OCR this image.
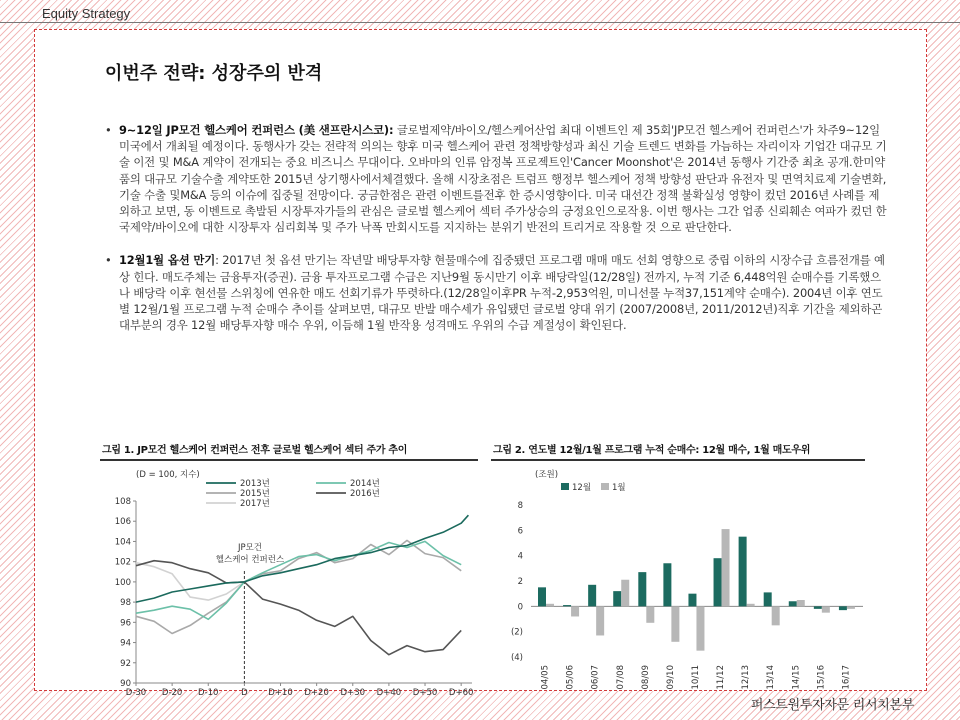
Equity Strategy
이번주 전략: 성장주의 반격
• 9~12일 JP모건 헬스케어 컨퍼런스 (美 샌프란시스코): 글로벌제약/바이오/헬스케어산업 최대 이벤트인 제 35회'JP모건 헬스케어 컨퍼런스'가 차주9~12일 미국에서 개최될 예정이다. 동행사가 갖는 전략적 의의는 향후 미국 헬스케어 관련 정책방향성과 최신 기술 트렌드 변화를 가늠하는 자리이자 기업간 대규모 기술 이전 및 M&A 계약이 전개되는 중요 비즈니스 무대이다. 오바마의 인류 암정복 프로젝트인'Cancer Moonshot'은 2014년 동행사 기간중 최초 공개.한미약품의 대규모 기술수출 계약또한 2015년 상기행사에서체결했다. 올해 시장초점은 트럼프 행정부 헬스케어 정책 방향성 판단과 유전자 및 면역치료제 기술변화,기술 수출 및M&A 등의 이슈에 집중될 전망이다. 궁금한점은 관련 이벤트를전후 한 증시영향이다. 미국 대선간 정책 불확실성 영향이 컸던 2016년 사례를 제외하고 보면, 동 이벤트로 촉발된 시장투자가들의 관심은 글로벌 헬스케어 섹터 주가상승의 긍정요인으로작용. 이번 행사는 그간 업종 신뢰훼손 여파가 컸던 한국제약/바이오에 대한 시장투자 심리회복 및 주가 낙폭 만회시도를 지지하는 분위기 반전의 트리거로 작용할 것 으로 판단한다.
• 12월1월 옵션 만기: 2017년 첫 옵션 만기는 작년말 배당투자향 현물매수에 집중됐던 프로그램 매매 매도 선회 영향으로 중립 이하의 시장수급 흐름전개를 예상 힌다. 매도주체는 금융투자(증권). 금융 투자프로그램 수급은 지난9월 동시만기 이후 배당락일(12/28일) 전까지, 누적 기준 6,448억원 순매수를 기록했으나 배당락 이후 현선물 스위칭에 연유한 매도 선회기류가 뚜렷하다.(12/28일이후PR 누적-2,953억원, 미니선물 누적37,151계약 순매수). 2004년 이후 연도별 12월/1월 프로그램 누적 순매수 추이를 살펴보면, 대규모 반발 매수세가 유입됐던 글로벌 양대 위기 (2007/2008년, 2011/2012년)직후 기간을 제외하곤 대부분의 경우 12월 배당투자향 매수 우위, 이듬해 1월 반작용 성격매도 우위의 수급 계절성이 확인된다.
그림 1. JP모건 헬스케어 컨퍼런스 전후 글로벌 헬스케어 섹터 주가 추이
(D = 100, 지수)
JP모건
헬스케어 컨퍼런스
90
92
94
96
98
100
102
104
106
108
D-30 D-20 D-10	D D+10 D+20 D+30 D+40 D+50 D+60
2013년
2015년
2017년
2014년
2016년
그림 2. 연도별 12월/1월 프로그램 누적 순매수: 12월 매수, 1월 매도우위
(조원)
(4)
(2)
0
2
4
6
8
04/05 05/06 06/07 07/08 08/09 09/10 10/11 11/12 12/13 13/14 14/15 15/16 16/17
12월 1월
퍼스트원투자자문 리서치본부
